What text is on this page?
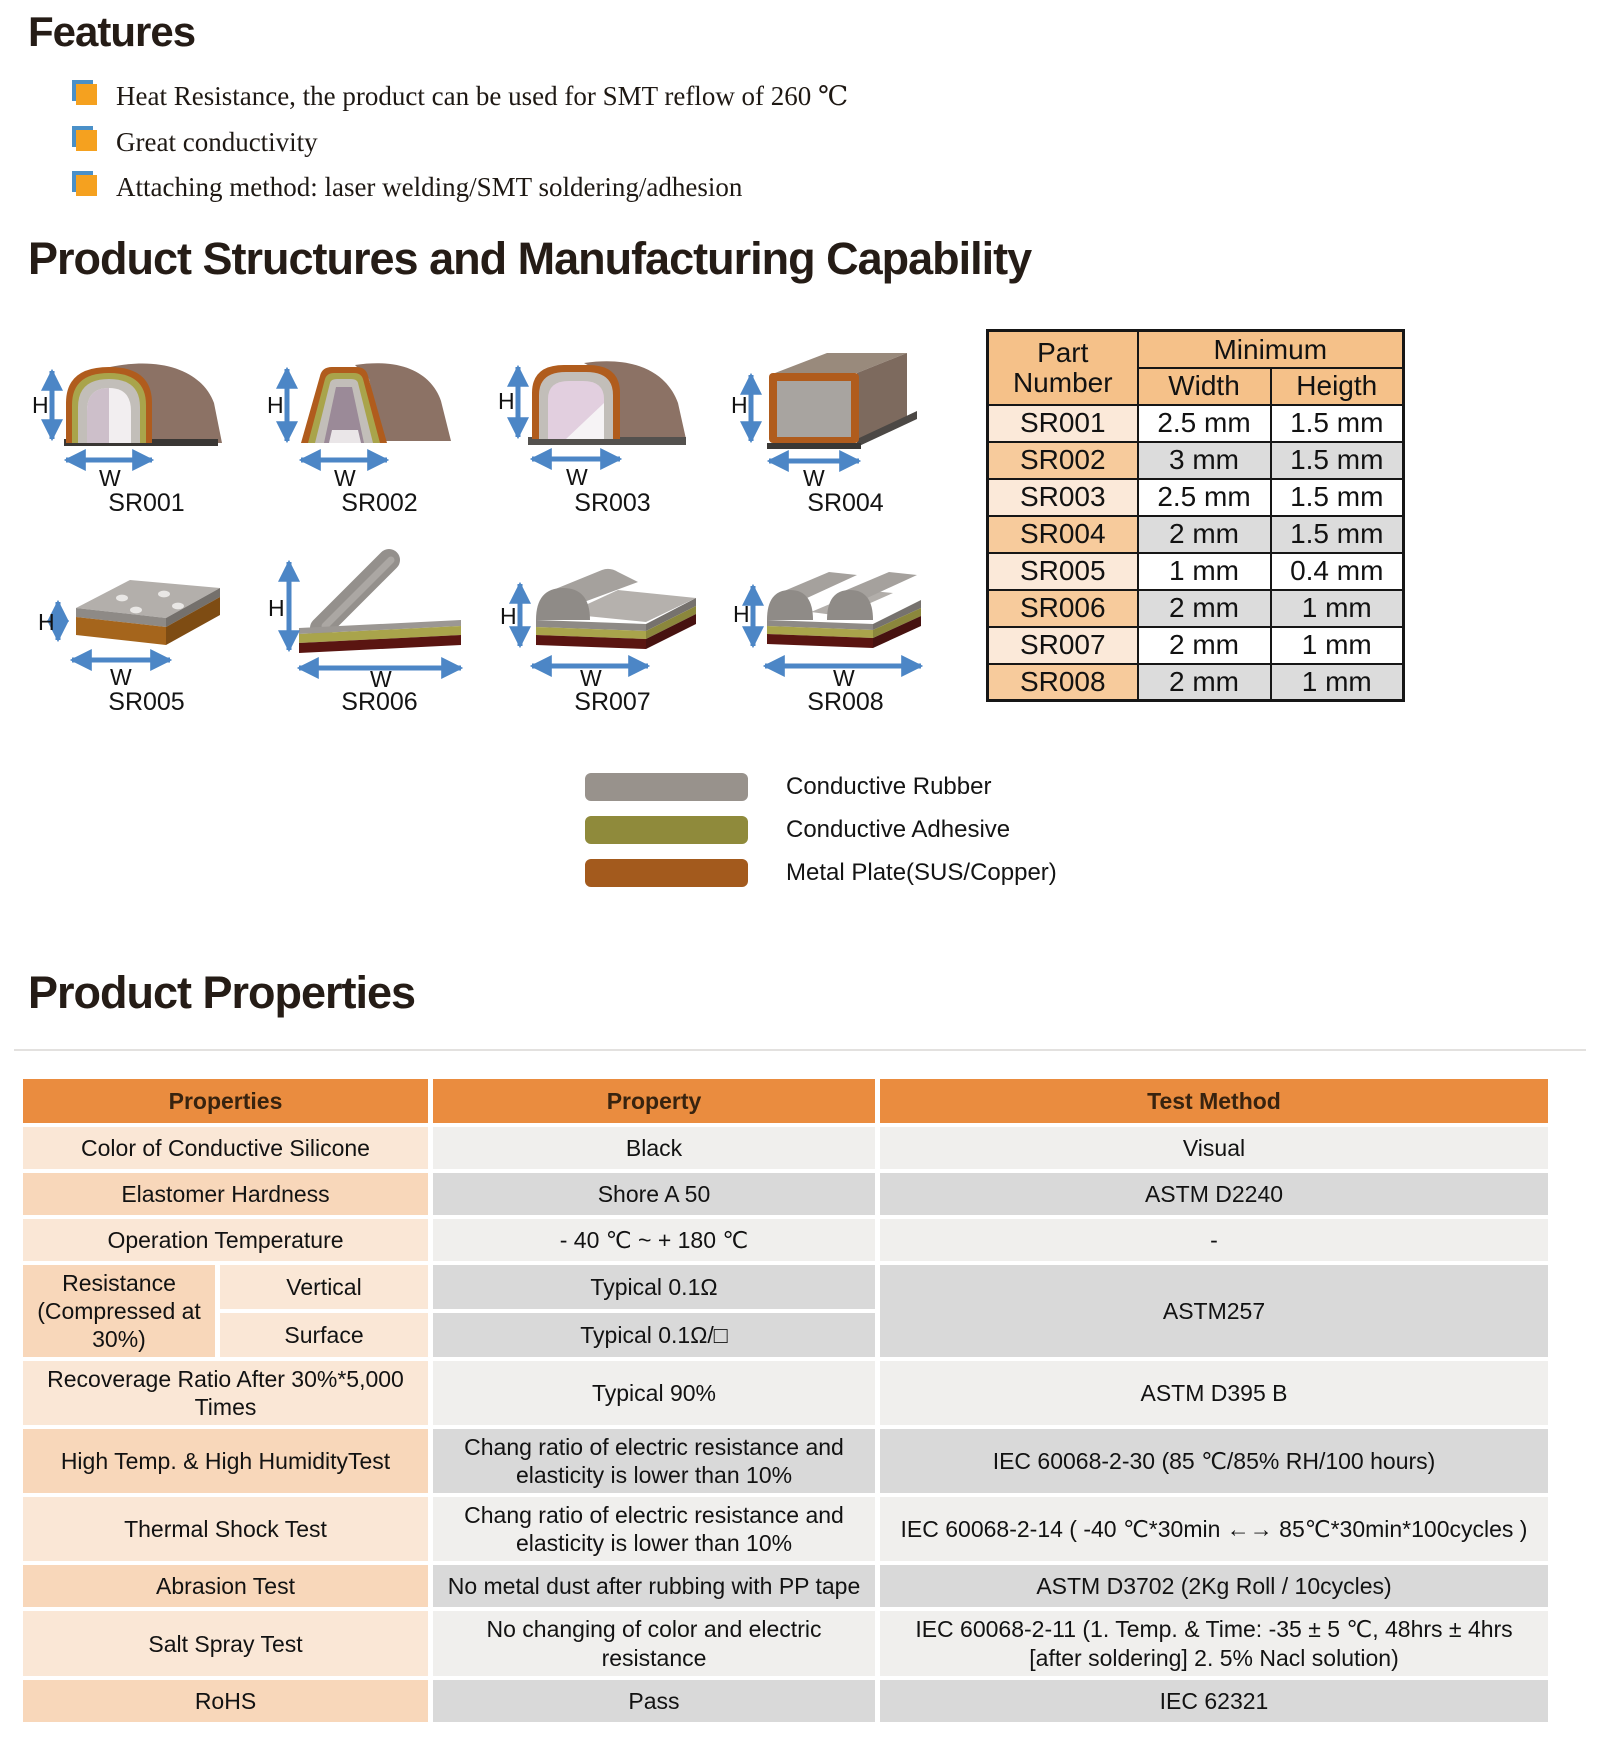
Features
Heat Resistance, the product can be used for SMT reflow of 260 ℃
Great conductivity
Attaching method: laser welding/SMT soldering/adhesion
Product Structures and Manufacturing Capability
H
W
SR001
H
W
SR002
H
W
SR003
H
W
SR004
H
W
SR005
H
W
SR006
H
W
SR007
H
W
SR008
Part Number	Minimum	
	Width	Heigth
SR001	2.5 mm	1.5 mm
SR002	3 mm	1.5 mm
SR003	2.5 mm	1.5 mm
SR004	2 mm	1.5 mm
SR005	1 mm	0.4 mm
SR006	2 mm	1 mm
SR007	2 mm	1 mm
SR008	2 mm	1 mm
Conductive Rubber
Conductive Adhesive
Metal Plate(SUS/Copper)
Product Properties
Properties		Property	Test Method
Color of Conductive Silicone		Black	Visual
Elastomer Hardness		Shore A 50	ASTM D2240
Operation Temperature		- 40 ℃ ~ + 180 ℃	-
Resistance (Compressed at 30%)	Vertical	Typical 0.1Ω	ASTM257
	Surface	Typical 0.1Ω/□	
Recoverage Ratio After 30%*5,000 Times		Typical 90%	ASTM D395 B
High Temp. & High HumidityTest		Chang ratio of electric resistance and elasticity is lower than 10%	IEC 60068-2-30 (85 ℃/85% RH/100 hours)
Thermal Shock Test		Chang ratio of electric resistance and elasticity is lower than 10%	IEC 60068-2-14 ( -40 ℃*30min ←→ 85℃*30min*100cycles )
Abrasion Test		No metal dust after rubbing with PP tape	ASTM D3702 (2Kg Roll / 10cycles)
Salt Spray Test		No changing of color and electric resistance	IEC 60068-2-11 (1. Temp. & Time: -35 ± 5 ℃, 48hrs ± 4hrs [after soldering] 2. 5% Nacl solution)
RoHS		Pass	IEC 62321
